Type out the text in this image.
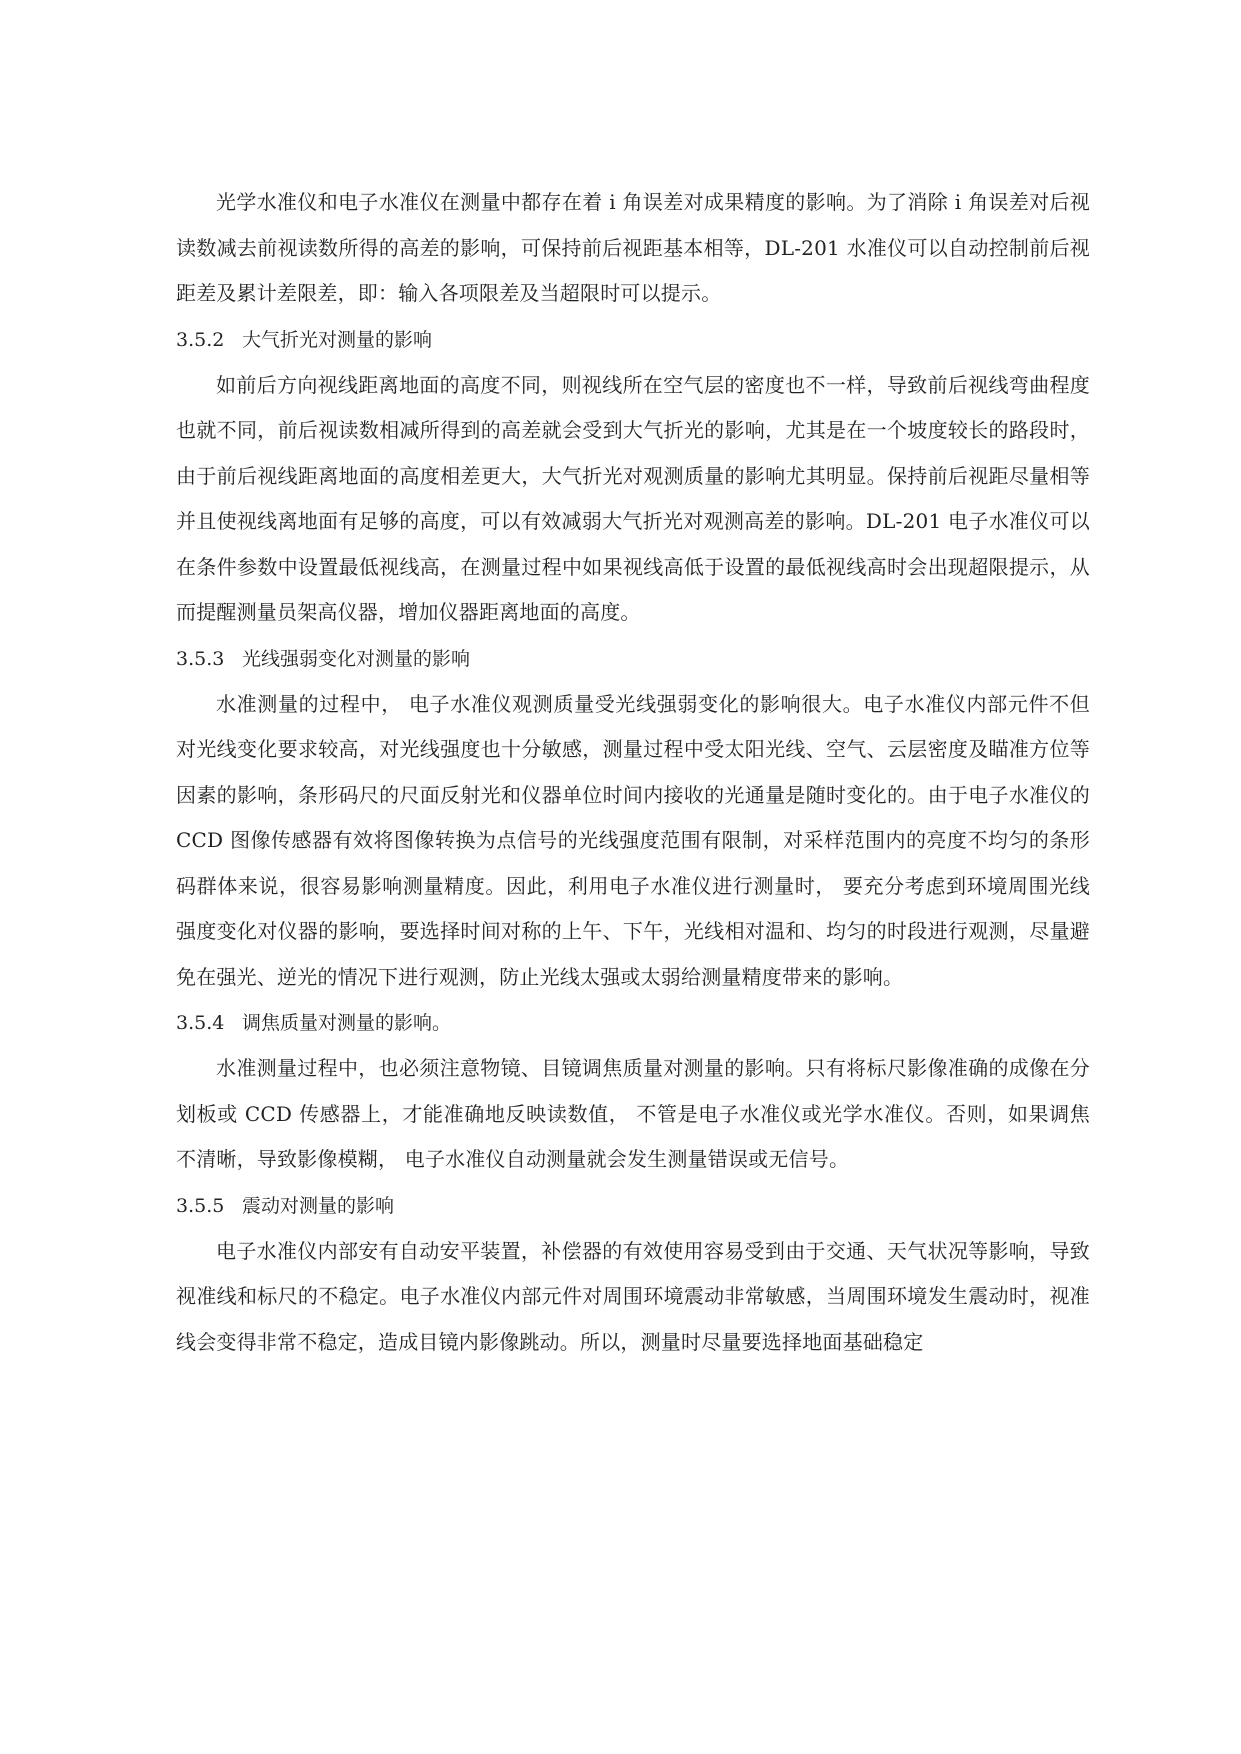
光学水准仪和电子水准仪在测量中都存在着 i 角误差对成果精度的影响。为了消除 i 角误差对后视读数减去前视读数所得的高差的影响，可保持前后视距基本相等，DL-201 水准仪可以自动控制前后视距差及累计差限差，即：输入各项限差及当超限时可以提示。

3.5.2 大气折光对测量的影响

如前后方向视线距离地面的高度不同，则视线所在空气层的密度也不一样，导致前后视线弯曲程度也就不同，前后视读数相减所得到的高差就会受到大气折光的影响，尤其是在一个坡度较长的路段时，由于前后视线距离地面的高度相差更大，大气折光对观测质量的影响尤其明显。保持前后视距尽量相等并且使视线离地面有足够的高度，可以有效减弱大气折光对观测高差的影响。DL-201 电子水准仪可以在条件参数中设置最低视线高，在测量过程中如果视线高低于设置的最低视线高时会出现超限提示，从而提醒测量员架高仪器，增加仪器距离地面的高度。

3.5.3 光线强弱变化对测量的影响

水准测量的过程中， 电子水准仪观测质量受光线强弱变化的影响很大。电子水准仪内部元件不但对光线变化要求较高，对光线强度也十分敏感，测量过程中受太阳光线、空气、云层密度及瞄准方位等因素的影响，条形码尺的尺面反射光和仪器单位时间内接收的光通量是随时变化的。由于电子水准仪的 CCD 图像传感器有效将图像转换为点信号的光线强度范围有限制，对采样范围内的亮度不均匀的条形码群体来说，很容易影响测量精度。因此，利用电子水准仪进行测量时， 要充分考虑到环境周围光线强度变化对仪器的影响，要选择时间对称的上午、下午，光线相对温和、均匀的时段进行观测，尽量避免在强光、逆光的情况下进行观测，防止光线太强或太弱给测量精度带来的影响。

3.5.4 调焦质量对测量的影响。

水准测量过程中，也必须注意物镜、目镜调焦质量对测量的影响。只有将标尺影像准确的成像在分划板或 CCD 传感器上，才能准确地反映读数值， 不管是电子水准仪或光学水准仪。否则，如果调焦不清晰，导致影像模糊， 电子水准仪自动测量就会发生测量错误或无信号。

3.5.5 震动对测量的影响

电子水准仪内部安有自动安平装置，补偿器的有效使用容易受到由于交通、天气状况等影响，导致视准线和标尺的不稳定。电子水准仪内部元件对周围环境震动非常敏感，当周围环境发生震动时，视准线会变得非常不稳定，造成目镜内影像跳动。所以，测量时尽量要选择地面基础稳定
